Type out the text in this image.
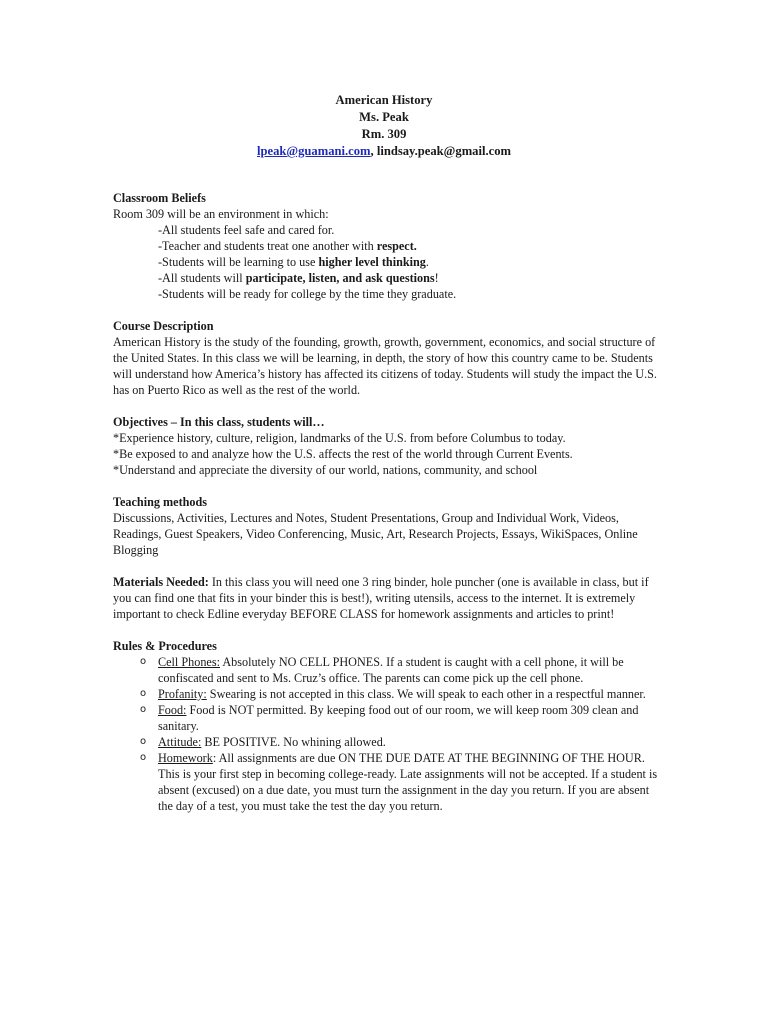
American History
Ms. Peak
Rm. 309
lpeak@guamani.com, lindsay.peak@gmail.com
Classroom Beliefs
Room 309 will be an environment in which:
-All students feel safe and cared for.
-Teacher and students treat one another with respect.
-Students will be learning to use higher level thinking.
-All students will participate, listen, and ask questions!
-Students will be ready for college by the time they graduate.
Course Description
American History is the study of the founding, growth, growth, government, economics, and social structure of the United States. In this class we will be learning, in depth, the story of how this country came to be. Students will understand how America’s history has affected its citizens of today. Students will study the impact the U.S. has on Puerto Rico as well as the rest of the world.
Objectives – In this class, students will…
*Experience history, culture, religion, landmarks of the U.S. from before Columbus to today.
*Be exposed to and analyze how the U.S. affects the rest of the world through Current Events.
*Understand and appreciate the diversity of our world, nations, community, and school
Teaching methods
Discussions, Activities, Lectures and Notes, Student Presentations, Group and Individual Work, Videos, Readings, Guest Speakers, Video Conferencing, Music, Art, Research Projects, Essays, WikiSpaces, Online Blogging
Materials Needed: In this class you will need one 3 ring binder, hole puncher (one is available in class, but if you can find one that fits in your binder this is best!), writing utensils, access to the internet. It is extremely important to check Edline everyday BEFORE CLASS for homework assignments and articles to print!
Rules & Procedures
o Cell Phones: Absolutely NO CELL PHONES. If a student is caught with a cell phone, it will be confiscated and sent to Ms. Cruz’s office. The parents can come pick up the cell phone.
o Profanity: Swearing is not accepted in this class. We will speak to each other in a respectful manner.
o Food: Food is NOT permitted. By keeping food out of our room, we will keep room 309 clean and sanitary.
o Attitude: BE POSITIVE. No whining allowed.
o Homework: All assignments are due ON THE DUE DATE AT THE BEGINNING OF THE HOUR. This is your first step in becoming college-ready. Late assignments will not be accepted. If a student is absent (excused) on a due date, you must turn the assignment in the day you return. If you are absent the day of a test, you must take the test the day you return.
